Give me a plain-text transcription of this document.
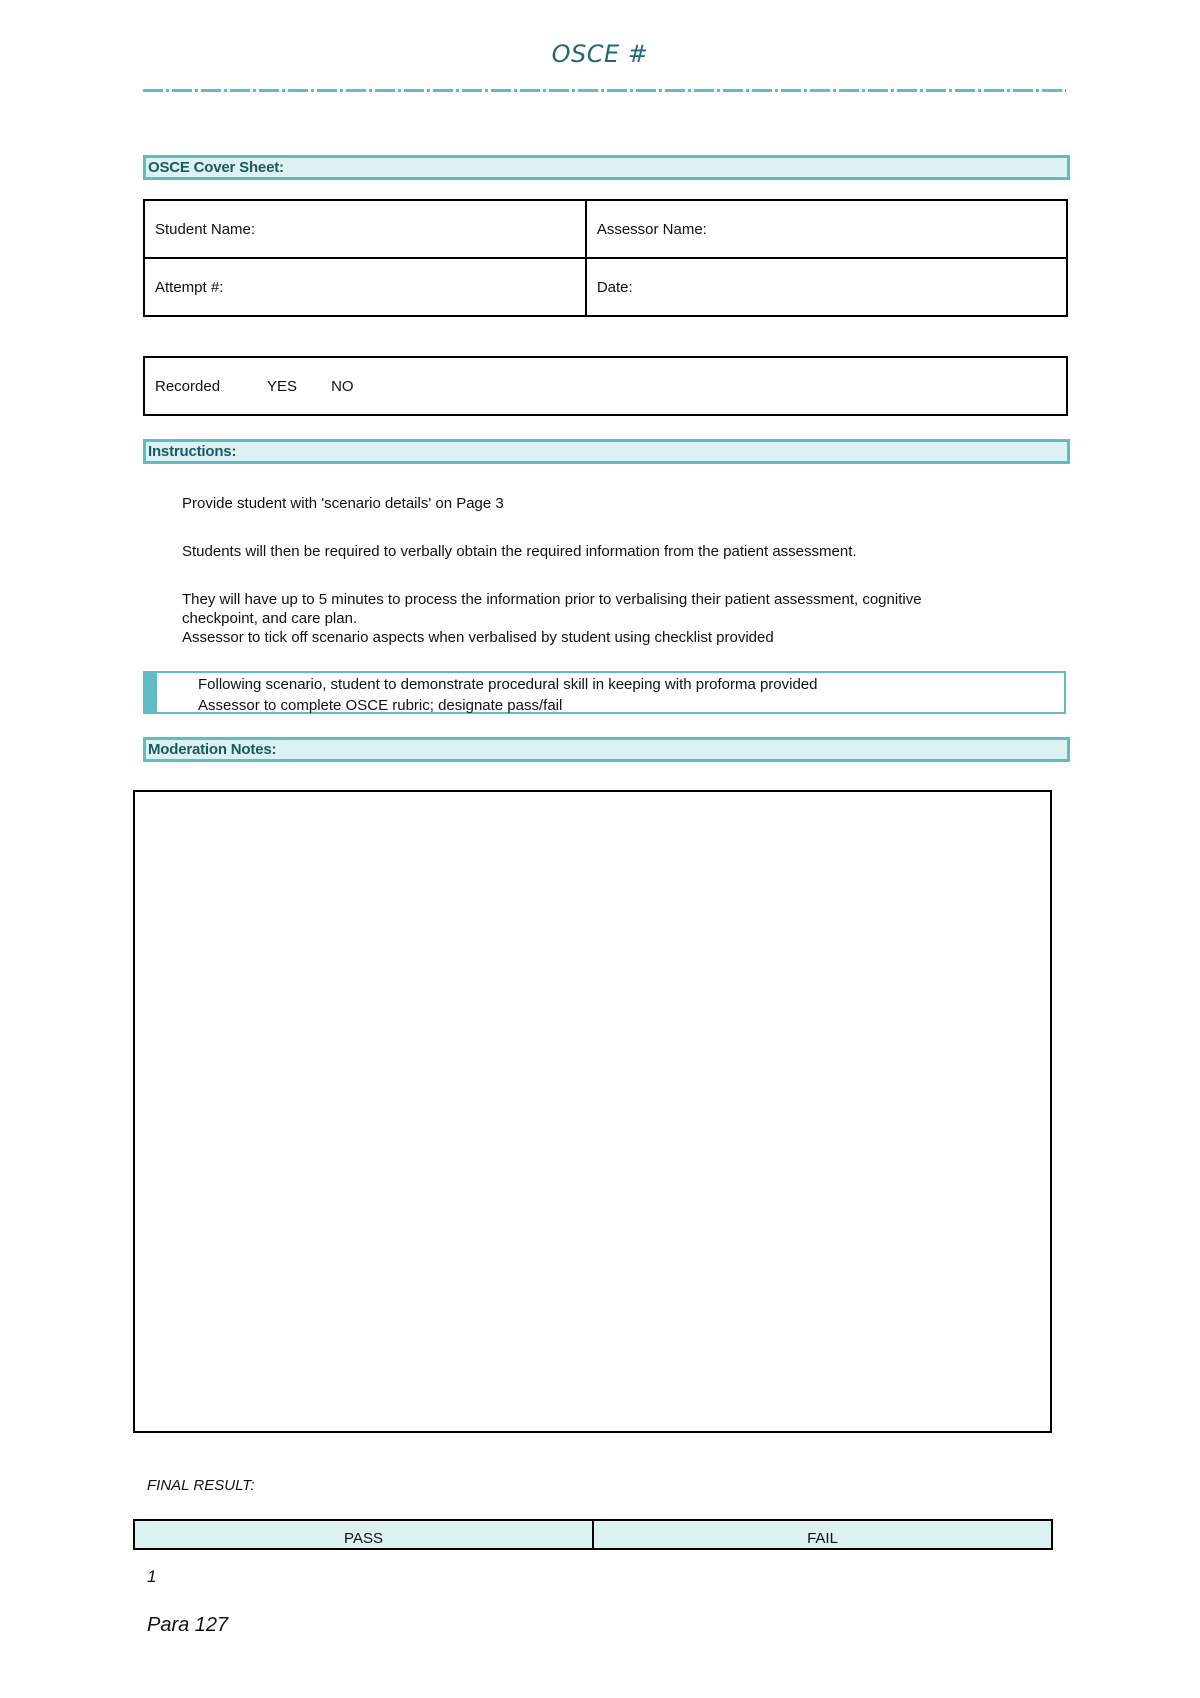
OSCE #
OSCE Cover Sheet:
Student Name:	Assessor Name:
Attempt #:	Date:
Recorded	YES NO
Instructions:
Provide student with 'scenario details' on Page 3
Students will then be required to verbally obtain the required information from the patient assessment.
They will have up to 5 minutes to process the information prior to verbalising their patient assessment, cognitive
checkpoint, and care plan.
Assessor to tick off scenario aspects when verbalised by student using checklist provided
Following scenario, student to demonstrate procedural skill in keeping with proforma provided
Assessor to complete OSCE rubric; designate pass/fail
Moderation Notes:
FINAL RESULT:
PASS	FAIL
1
Para 127
